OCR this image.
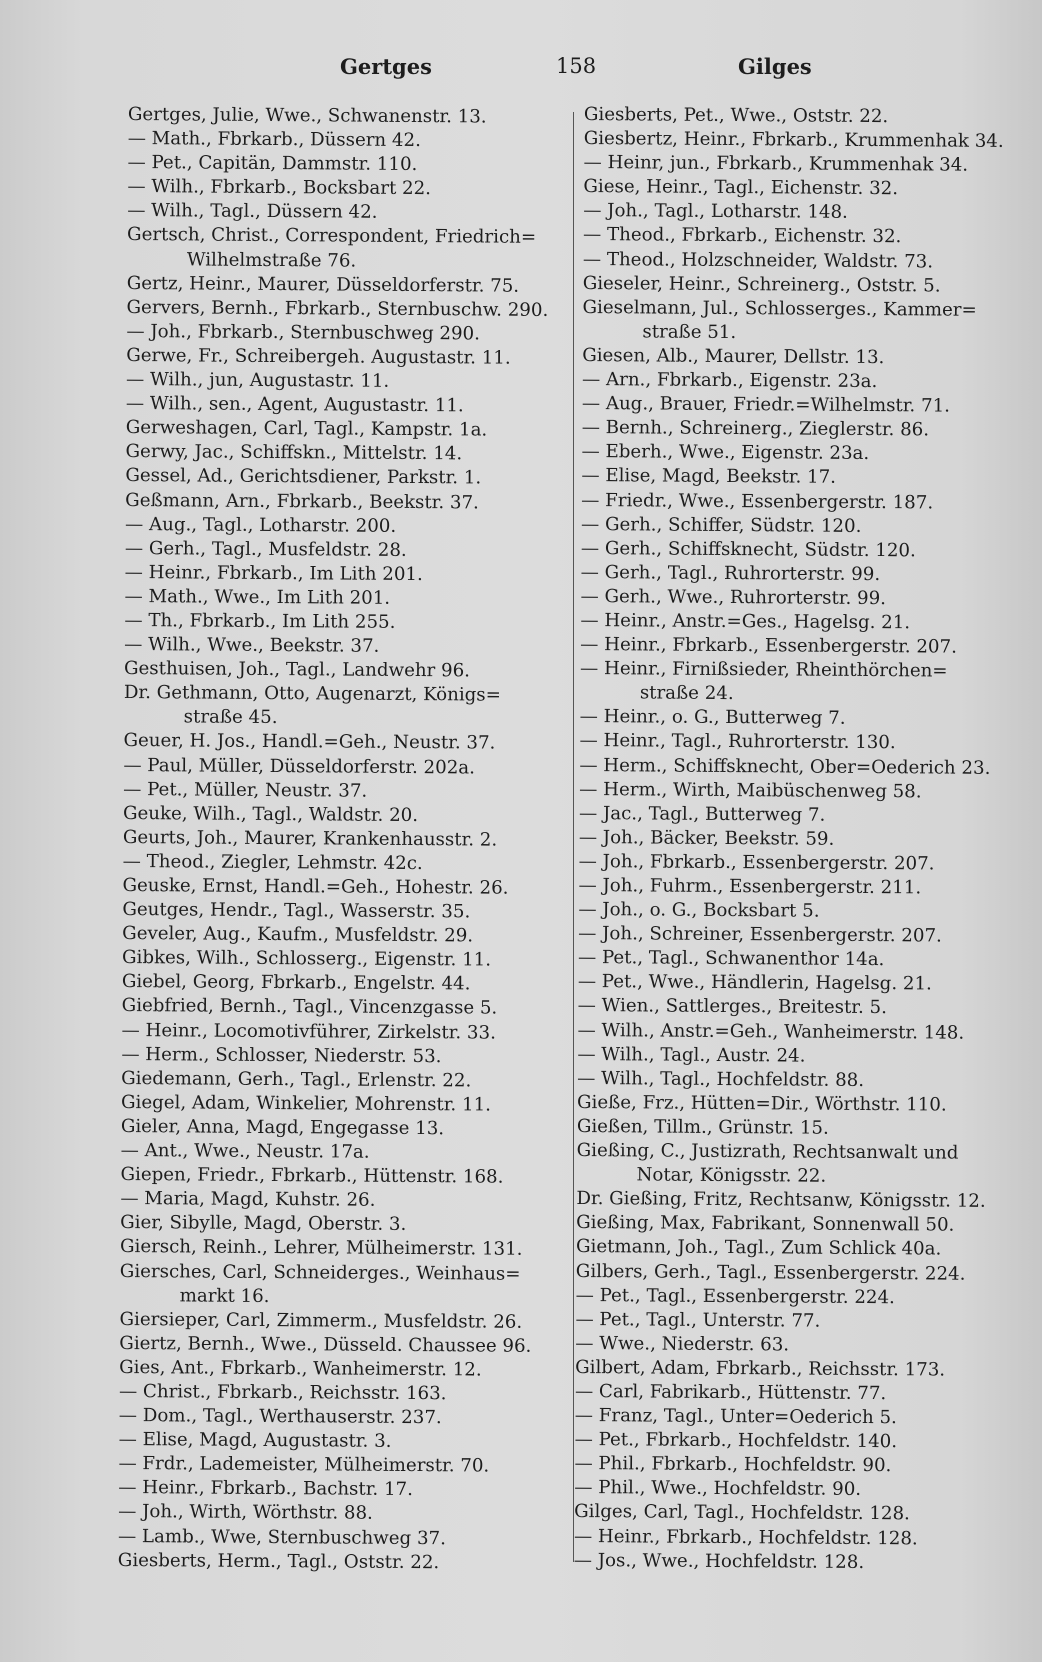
Gertges	158	Gilges
Gertges, Julie, Wwe., Schwanenstr. 13.
— Math., Fbrkarb., Düssern 42.
— Pet., Capitän, Dammstr. 110.
— Wilh., Fbrkarb., Bocksbart 22.
— Wilh., Tagl., Düssern 42.
Gertsch, Christ., Correspondent, Friedrich=
Wilhelmstraße 76.
Gertz, Heinr., Maurer, Düsseldorferstr. 75.
Gervers, Bernh., Fbrkarb., Sternbuschw. 290.
— Joh., Fbrkarb., Sternbuschweg 290.
Gerwe, Fr., Schreibergeh. Augustastr. 11.
— Wilh., jun, Augustastr. 11.
— Wilh., sen., Agent, Augustastr. 11.
Gerweshagen, Carl, Tagl., Kampstr. 1a.
Gerwy, Jac., Schiffskn., Mittelstr. 14.
Gessel, Ad., Gerichtsdiener, Parkstr. 1.
Geßmann, Arn., Fbrkarb., Beekstr. 37.
— Aug., Tagl., Lotharstr. 200.
— Gerh., Tagl., Musfeldstr. 28.
— Heinr., Fbrkarb., Im Lith 201.
— Math., Wwe., Im Lith 201.
— Th., Fbrkarb., Im Lith 255.
— Wilh., Wwe., Beekstr. 37.
Gesthuisen, Joh., Tagl., Landwehr 96.
Dr. Gethmann, Otto, Augenarzt, Königs=
straße 45.
Geuer, H. Jos., Handl.=Geh., Neustr. 37.
— Paul, Müller, Düsseldorferstr. 202a.
— Pet., Müller, Neustr. 37.
Geuke, Wilh., Tagl., Waldstr. 20.
Geurts, Joh., Maurer, Krankenhausstr. 2.
— Theod., Ziegler, Lehmstr. 42c.
Geuske, Ernst, Handl.=Geh., Hohestr. 26.
Geutges, Hendr., Tagl., Wasserstr. 35.
Geveler, Aug., Kaufm., Musfeldstr. 29.
Gibkes, Wilh., Schlosserg., Eigenstr. 11.
Giebel, Georg, Fbrkarb., Engelstr. 44.
Giebfried, Bernh., Tagl., Vincenzgasse 5.
— Heinr., Locomotivführer, Zirkelstr. 33.
— Herm., Schlosser, Niederstr. 53.
Giedemann, Gerh., Tagl., Erlenstr. 22.
Giegel, Adam, Winkelier, Mohrenstr. 11.
Gieler, Anna, Magd, Engegasse 13.
— Ant., Wwe., Neustr. 17a.
Giepen, Friedr., Fbrkarb., Hüttenstr. 168.
— Maria, Magd, Kuhstr. 26.
Gier, Sibylle, Magd, Oberstr. 3.
Giersch, Reinh., Lehrer, Mülheimerstr. 131.
Giersches, Carl, Schneiderges., Weinhaus=
markt 16.
Giersieper, Carl, Zimmerm., Musfeldstr. 26.
Giertz, Bernh., Wwe., Düsseld. Chaussee 96.
Gies, Ant., Fbrkarb., Wanheimerstr. 12.
— Christ., Fbrkarb., Reichsstr. 163.
— Dom., Tagl., Werthauserstr. 237.
— Elise, Magd, Augustastr. 3.
— Frdr., Lademeister, Mülheimerstr. 70.
— Heinr., Fbrkarb., Bachstr. 17.
— Joh., Wirth, Wörthstr. 88.
— Lamb., Wwe, Sternbuschweg 37.
Giesberts, Herm., Tagl., Oststr. 22.
Giesberts, Pet., Wwe., Oststr. 22.
Giesbertz, Heinr., Fbrkarb., Krummenhak 34.
— Heinr, jun., Fbrkarb., Krummenhak 34.
Giese, Heinr., Tagl., Eichenstr. 32.
— Joh., Tagl., Lotharstr. 148.
— Theod., Fbrkarb., Eichenstr. 32.
— Theod., Holzschneider, Waldstr. 73.
Gieseler, Heinr., Schreinerg., Oststr. 5.
Gieselmann, Jul., Schlosserges., Kammer=
straße 51.
Giesen, Alb., Maurer, Dellstr. 13.
— Arn., Fbrkarb., Eigenstr. 23a.
— Aug., Brauer, Friedr.=Wilhelmstr. 71.
— Bernh., Schreinerg., Zieglerstr. 86.
— Eberh., Wwe., Eigenstr. 23a.
— Elise, Magd, Beekstr. 17.
— Friedr., Wwe., Essenbergerstr. 187.
— Gerh., Schiffer, Südstr. 120.
— Gerh., Schiffsknecht, Südstr. 120.
— Gerh., Tagl., Ruhrorterstr. 99.
— Gerh., Wwe., Ruhrorterstr. 99.
— Heinr., Anstr.=Ges., Hagelsg. 21.
— Heinr., Fbrkarb., Essenbergerstr. 207.
— Heinr., Firnißsieder, Rheinthörchen=
straße 24.
— Heinr., o. G., Butterweg 7.
— Heinr., Tagl., Ruhrorterstr. 130.
— Herm., Schiffsknecht, Ober=Oederich 23.
— Herm., Wirth, Maibüschenweg 58.
— Jac., Tagl., Butterweg 7.
— Joh., Bäcker, Beekstr. 59.
— Joh., Fbrkarb., Essenbergerstr. 207.
— Joh., Fuhrm., Essenbergerstr. 211.
— Joh., o. G., Bocksbart 5.
— Joh., Schreiner, Essenbergerstr. 207.
— Pet., Tagl., Schwanenthor 14a.
— Pet., Wwe., Händlerin, Hagelsg. 21.
— Wien., Sattlerges., Breitestr. 5.
— Wilh., Anstr.=Geh., Wanheimerstr. 148.
— Wilh., Tagl., Austr. 24.
— Wilh., Tagl., Hochfeldstr. 88.
Gieße, Frz., Hütten=Dir., Wörthstr. 110.
Gießen, Tillm., Grünstr. 15.
Gießing, C., Justizrath, Rechtsanwalt und
Notar, Königsstr. 22.
Dr. Gießing, Fritz, Rechtsanw, Königsstr. 12.
Gießing, Max, Fabrikant, Sonnenwall 50.
Gietmann, Joh., Tagl., Zum Schlick 40a.
Gilbers, Gerh., Tagl., Essenbergerstr. 224.
— Pet., Tagl., Essenbergerstr. 224.
— Pet., Tagl., Unterstr. 77.
— Wwe., Niederstr. 63.
Gilbert, Adam, Fbrkarb., Reichsstr. 173.
— Carl, Fabrikarb., Hüttenstr. 77.
— Franz, Tagl., Unter=Oederich 5.
— Pet., Fbrkarb., Hochfeldstr. 140.
— Phil., Fbrkarb., Hochfeldstr. 90.
— Phil., Wwe., Hochfeldstr. 90.
Gilges, Carl, Tagl., Hochfeldstr. 128.
— Heinr., Fbrkarb., Hochfeldstr. 128.
— Jos., Wwe., Hochfeldstr. 128.
